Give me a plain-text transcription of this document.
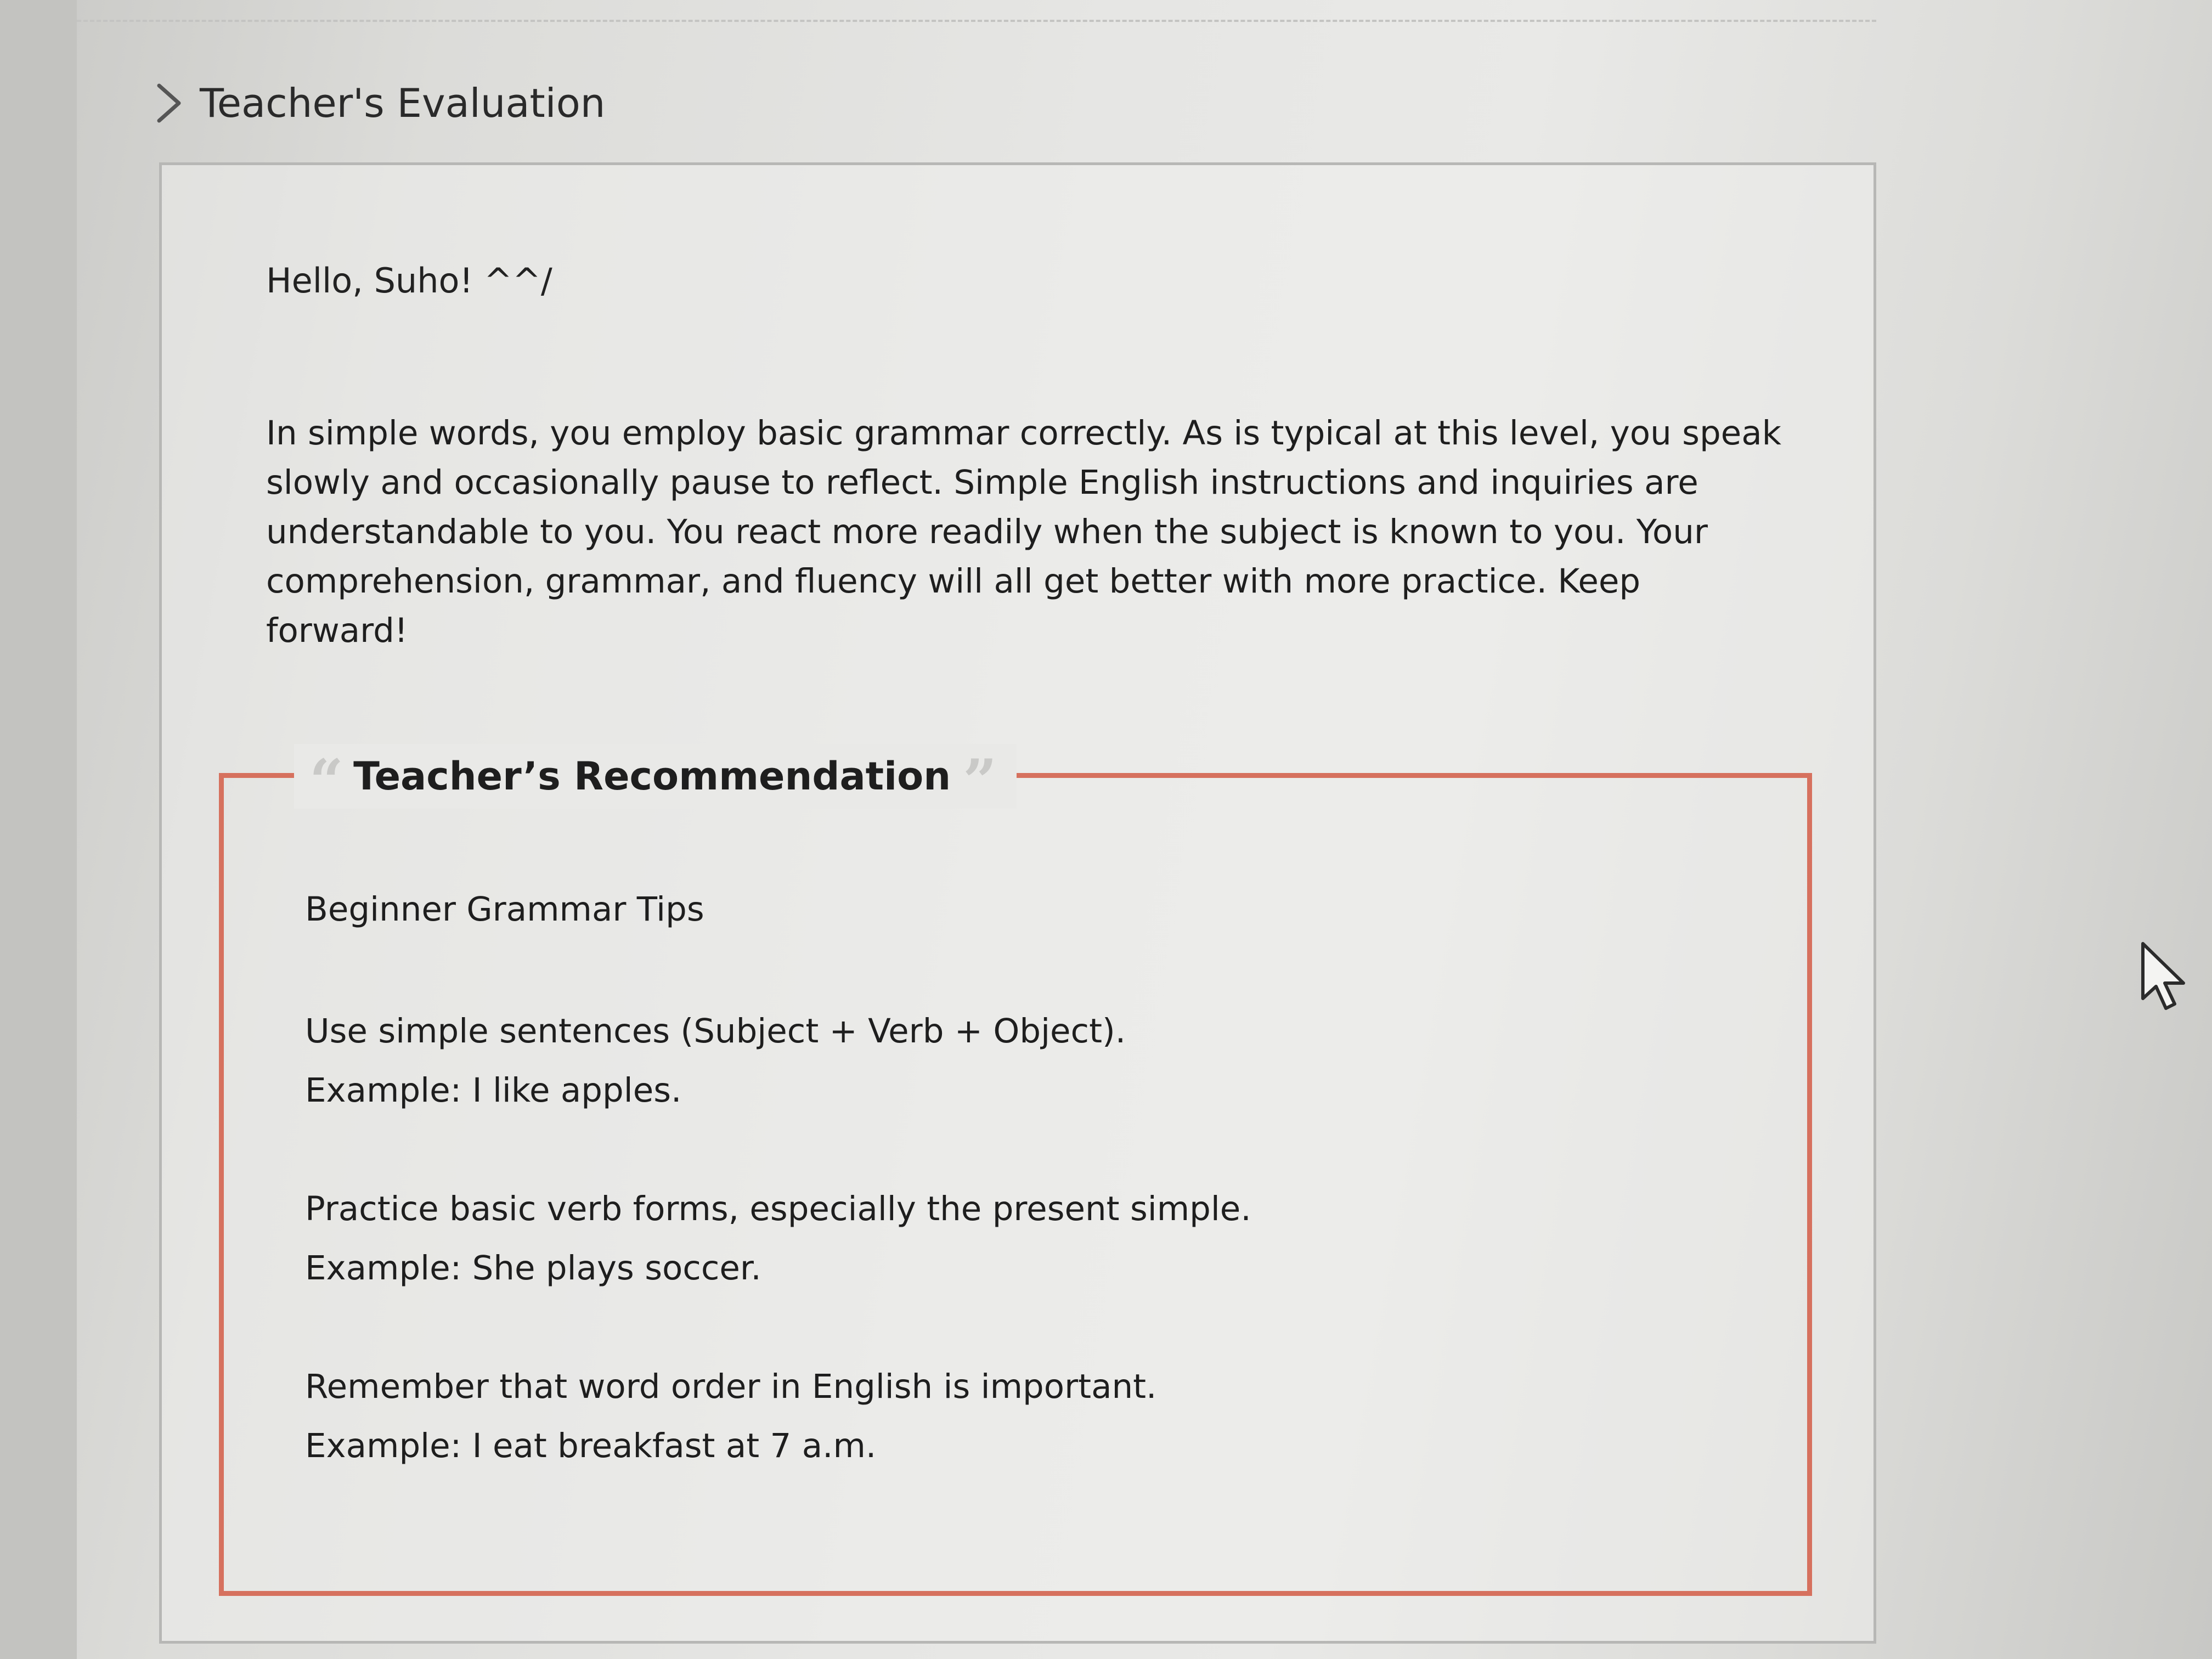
Teacher's Evaluation
Hello, Suho! ^^/

In simple words, you employ basic grammar correctly. As is typical at this level, you speak slowly and occasionally pause to reflect. Simple English instructions and inquiries are understandable to you. You react more readily when the subject is known to you. Your comprehension, grammar, and fluency will all get better with more practice. Keep forward!

“ Teacher’s Recommendation ”

Beginner Grammar Tips

Use simple sentences (Subject + Verb + Object).

Example: I like apples.

Practice basic verb forms, especially the present simple.

Example: She plays soccer.

Remember that word order in English is important.

Example: I eat breakfast at 7 a.m.
